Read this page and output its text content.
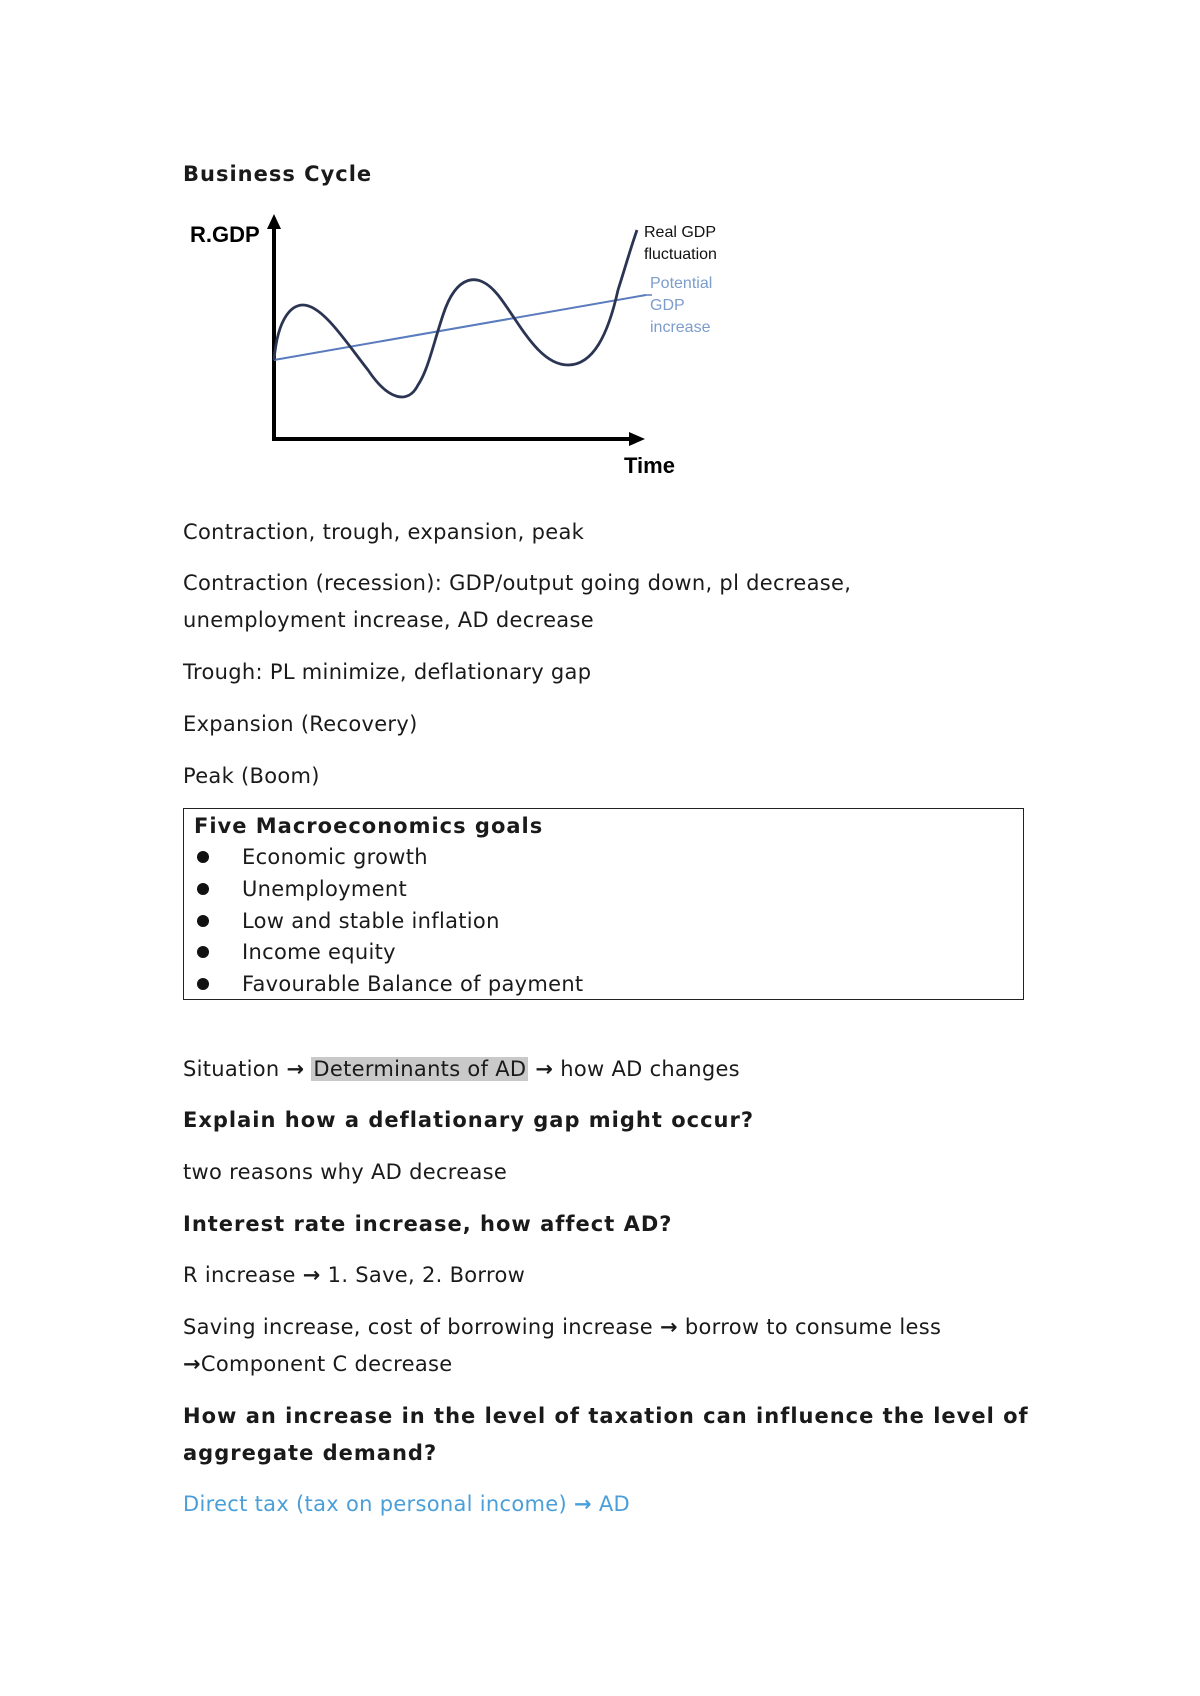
Business Cycle
R.GDP
Time
Real GDP
fluctuation
Potential
GDP
increase
Contraction, trough, expansion, peak
Contraction (recession): GDP/output going down, pl decrease,
unemployment increase, AD decrease
Trough: PL minimize, deflationary gap
Expansion (Recovery)
Peak (Boom)
Five Macroeconomics goals
Economic growth
Unemployment
Low and stable inflation
Income equity
Favourable Balance of payment
Situation → Determinants of AD → how AD changes
Explain how a deflationary gap might occur?
two reasons why AD decrease
Interest rate increase, how affect AD?
R increase → 1. Save, 2. Borrow
Saving increase, cost of borrowing increase → borrow to consume less
→Component C decrease
How an increase in the level of taxation can influence the level of
aggregate demand?
Direct tax (tax on personal income) → AD
